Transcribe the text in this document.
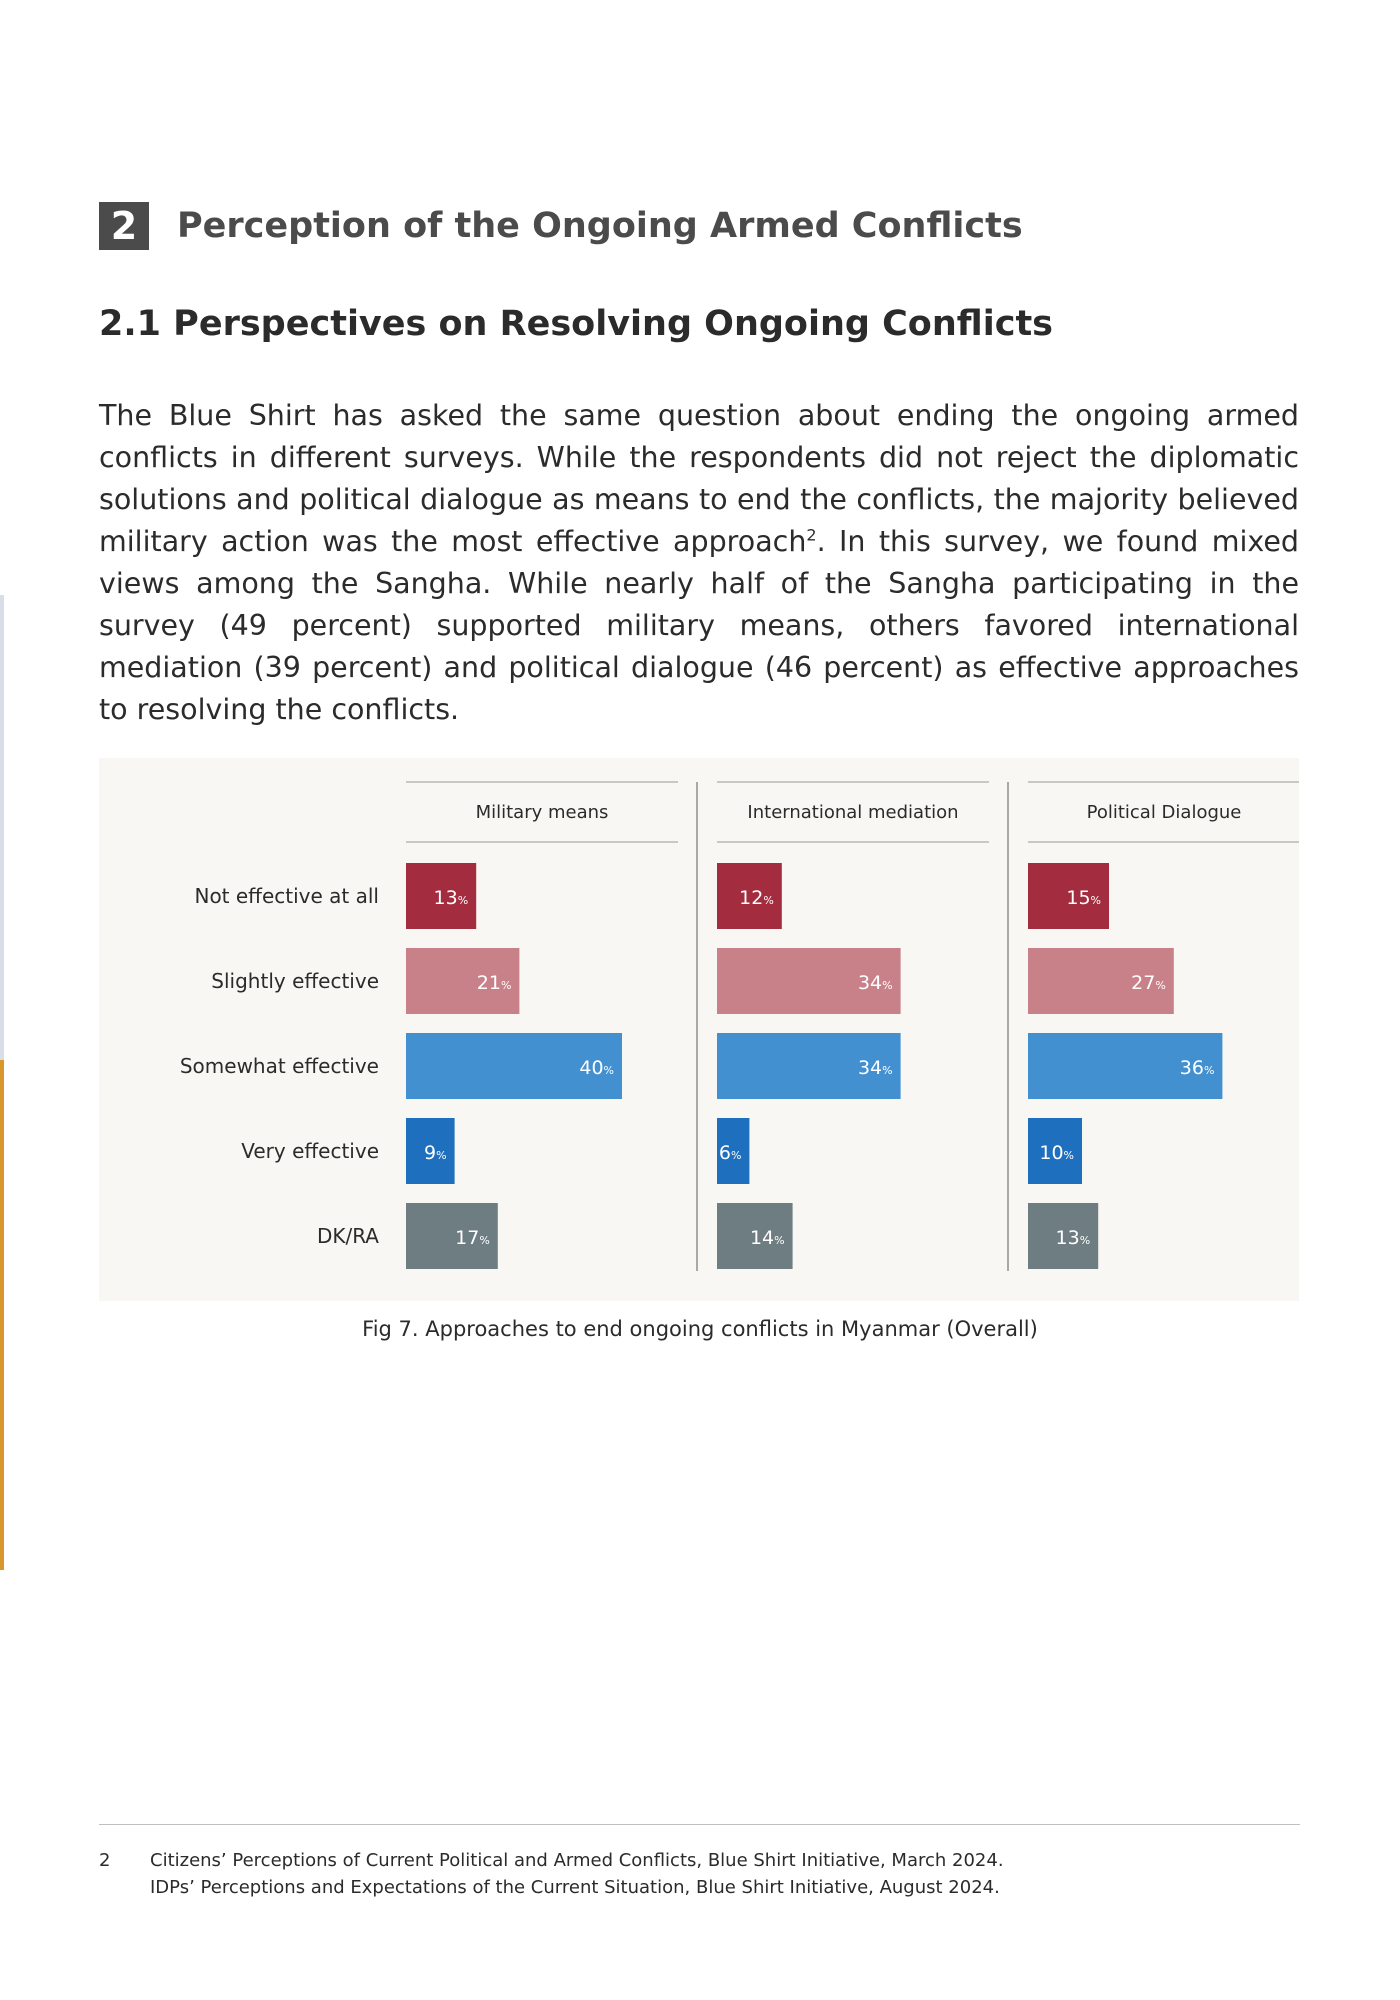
2	Perception of the Ongoing Armed Conflicts
2.1 Perspectives on Resolving Ongoing Conflicts

The Blue Shirt has asked the same question about ending the ongoing armed conflicts in different surveys. While the respondents did not reject the diplomatic solutions and political dialogue as means to end the conflicts, the majority believed military action was the most effective approach$^2$. In this survey, we found mixed views among the Sangha. While nearly half of the Sangha participating in the survey (49 percent) supported military means, others favored international mediation (39 percent) and political dialogue (46 percent) as effective approaches to resolving the conflicts.

Not effective at all
Slightly effective
Somewhat effective
Very effective
DK/RA
Military means
13%
21%
40%
9%
17%
International mediation
12%
34%
34%
6%
14%
Political Dialogue
15%
27%
36%
10%
13%
Fig 7. Approaches to end ongoing conflicts in Myanmar (Overall)
2 Citizens’ Perceptions of Current Political and Armed Conflicts, Blue Shirt Initiative, March 2024.
IDPs’ Perceptions and Expectations of the Current Situation, Blue Shirt Initiative, August 2024.
